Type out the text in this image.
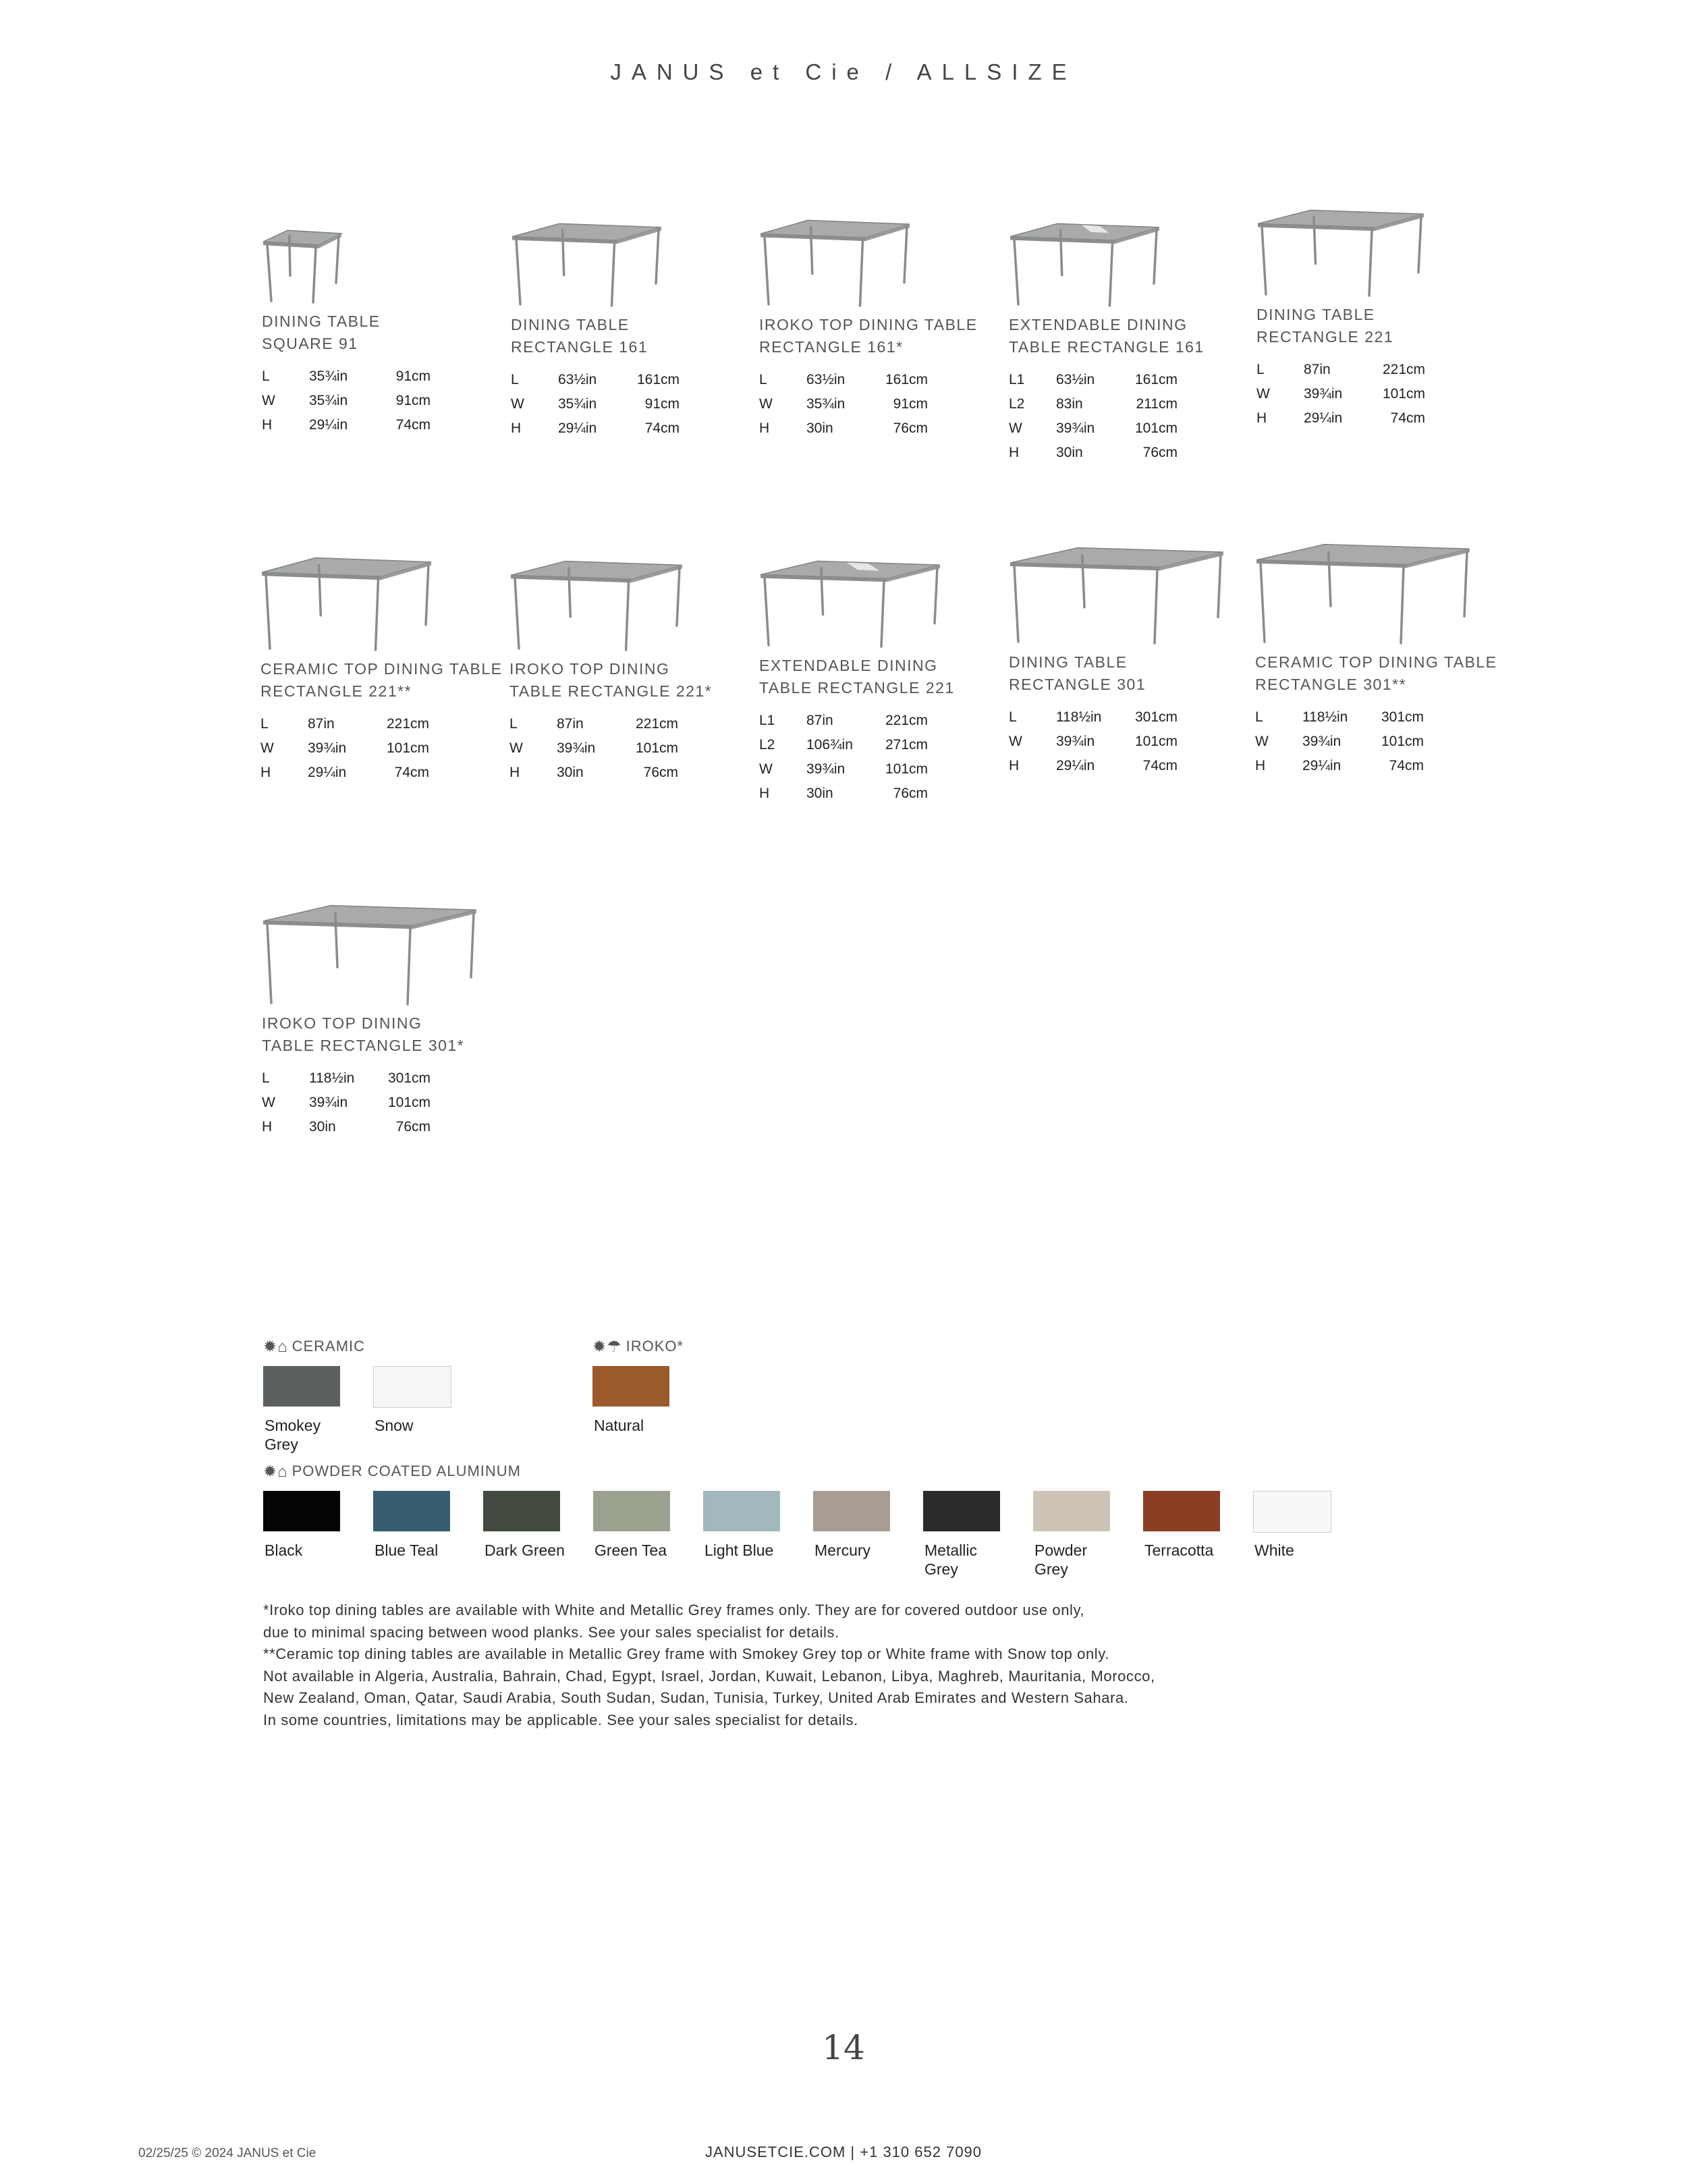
JANUS et Cie / ALLSIZE
DINING TABLE
SQUARE 91
L	35¾in	91cm
W	35¾in	91cm
H	29¼in	74cm
DINING TABLE
RECTANGLE 161
L	63½in	161cm
W	35¾in	91cm
H	29¼in	74cm
IROKO TOP DINING TABLE
RECTANGLE 161*
L	63½in	161cm
W	35¾in	91cm
H	30in	76cm
EXTENDABLE DINING
TABLE RECTANGLE 161
L1	63½in	161cm
L2	83in	211cm
W	39¾in	101cm
H	30in	76cm
DINING TABLE
RECTANGLE 221
L	87in	221cm
W	39¾in	101cm
H	29¼in	74cm
CERAMIC TOP DINING TABLE
RECTANGLE 221**
L	87in	221cm
W	39¾in	101cm
H	29¼in	74cm
IROKO TOP DINING
TABLE RECTANGLE 221*
L	87in	221cm
W	39¾in	101cm
H	30in	76cm
EXTENDABLE DINING
TABLE RECTANGLE 221
L1	87in	221cm
L2	106¾in	271cm
W	39¾in	101cm
H	30in	76cm
DINING TABLE
RECTANGLE 301
L	118½in	301cm
W	39¾in	101cm
H	29¼in	74cm
CERAMIC TOP DINING TABLE
RECTANGLE 301**
L	118½in	301cm
W	39¾in	101cm
H	29¼in	74cm
IROKO TOP DINING
TABLE RECTANGLE 301*
L	118½in	301cm
W	39¾in	101cm
H	30in	76cm
✹⌂ CERAMIC
Smokey Grey
Snow
✹☂ IROKO*
Natural
✹⌂ POWDER COATED ALUMINUM
Black	Blue Teal	Dark Green Green Tea	Light Blue	Mercury	Metallic Grey
Powder Grey
Terracotta	White
*Iroko top dining tables are available with White and Metallic Grey frames only. They are for covered outdoor use only,
due to minimal spacing between wood planks. See your sales specialist for details.
**Ceramic top dining tables are available in Metallic Grey frame with Smokey Grey top or White frame with Snow top only.
Not available in Algeria, Australia, Bahrain, Chad, Egypt, Israel, Jordan, Kuwait, Lebanon, Libya, Maghreb, Mauritania, Morocco,
New Zealand, Oman, Qatar, Saudi Arabia, South Sudan, Sudan, Tunisia, Turkey, United Arab Emirates and Western Sahara.
In some countries, limitations may be applicable. See your sales specialist for details.
14
02/25/25 © 2024 JANUS et Cie	JANUSETCIE.COM | +1 310 652 7090
